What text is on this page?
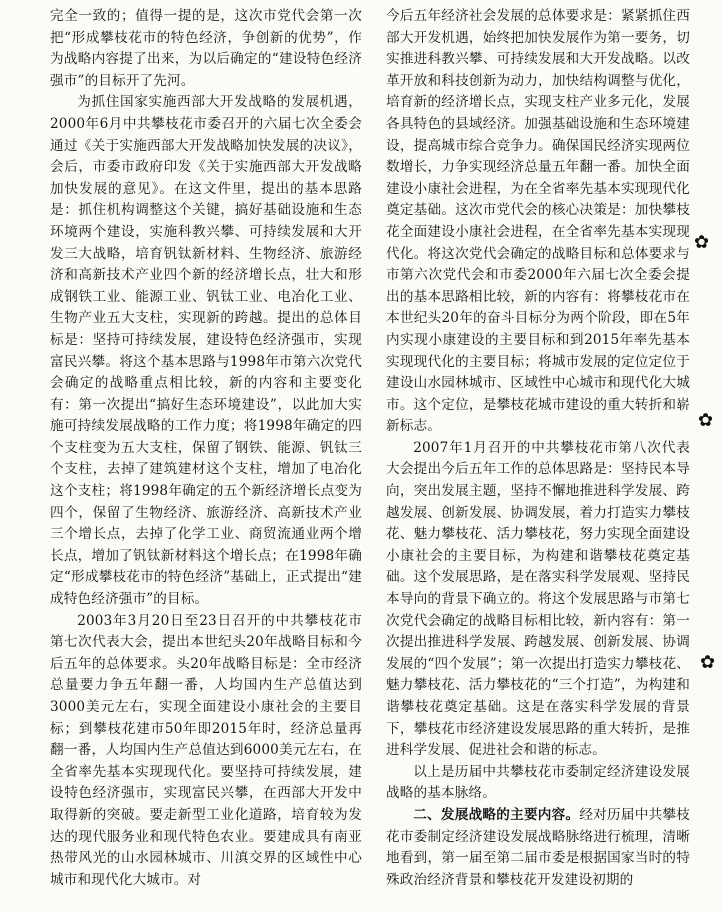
完全一致的；值得一提的是，这次市党代会第一次把“形成攀枝花市的特色经济，争创新的优势”，作为战略内容提了出来，为以后确定的“建设特色经济强市”的目标开了先河。

为抓住国家实施西部大开发战略的发展机遇，2000年6月中共攀枝花市委召开的六届七次全委会通过《关于实施西部大开发战略加快发展的决议》，会后，市委市政府印发《关于实施西部大开发战略加快发展的意见》。在这文件里，提出的基本思路是：抓住机构调整这个关键，搞好基础设施和生态环境两个建设，实施科教兴攀、可持续发展和大开发三大战略，培育钒钛新材料、生物经济、旅游经济和高新技术产业四个新的经济增长点，壮大和形成钢铁工业、能源工业、钒钛工业、电冶化工业、生物产业五大支柱，实现新的跨越。提出的总体目标是：坚持可持续发展，建设特色经济强市，实现富民兴攀。将这个基本思路与1998年市第六次党代会确定的战略重点相比较，新的内容和主要变化有：第一次提出“搞好生态环境建设”，以此加大实施可持续发展战略的工作力度；将1998年确定的四个支柱变为五大支柱，保留了钢铁、能源、钒钛三个支柱，去掉了建筑建材这个支柱，增加了电冶化这个支柱；将1998年确定的五个新经济增长点变为四个，保留了生物经济、旅游经济、高新技术产业三个增长点，去掉了化学工业、商贸流通业两个增长点，增加了钒钛新材料这个增长点；在1998年确定“形成攀枝花市的特色经济”基础上，正式提出“建成特色经济强市”的目标。

2003年3月20日至23日召开的中共攀枝花市第七次代表大会，提出本世纪头20年战略目标和今后五年的总体要求。头20年战略目标是：全市经济总量要力争五年翻一番，人均国内生产总值达到3000美元左右，实现全面建设小康社会的主要目标；到攀枝花建市50年即2015年时，经济总量再翻一番，人均国内生产总值达到6000美元左右，在全省率先基本实现现代化。要坚持可持续发展，建设特色经济强市，实现富民兴攀，在西部大开发中取得新的突破。要走新型工业化道路，培育较为发达的现代服务业和现代特色农业。要建成具有南亚热带风光的山水园林城市、川滇交界的区域性中心城市和现代化大城市。对

今后五年经济社会发展的总体要求是：紧紧抓住西部大开发机遇，始终把加快发展作为第一要务，切实推进科教兴攀、可持续发展和大开发战略。以改革开放和科技创新为动力，加快结构调整与优化，培育新的经济增长点，实现支柱产业多元化，发展各具特色的县域经济。加强基础设施和生态环境建设，提高城市综合竞争力。确保国民经济实现两位数增长，力争实现经济总量五年翻一番。加快全面建设小康社会进程，为在全省率先基本实现现代化奠定基础。这次市党代会的核心决策是：加快攀枝花全面建设小康社会进程，在全省率先基本实现现代化。将这次党代会确定的战略目标和总体要求与市第六次党代会和市委2000年六届七次全委会提出的基本思路相比较，新的内容有：将攀枝花市在本世纪头20年的奋斗目标分为两个阶段，即在5年内实现小康建设的主要目标和到2015年率先基本实现现代化的主要目标；将城市发展的定位定位于建设山水园林城市、区域性中心城市和现代化大城市。这个定位，是攀枝花城市建设的重大转折和崭新标志。

2007年1月召开的中共攀枝花市第八次代表大会提出今后五年工作的总体思路是：坚持民本导向，突出发展主题，坚持不懈地推进科学发展、跨越发展、创新发展、协调发展，着力打造实力攀枝花、魅力攀枝花、活力攀枝花，努力实现全面建设小康社会的主要目标，为构建和谐攀枝花奠定基础。这个发展思路，是在落实科学发展观、坚持民本导向的背景下确立的。将这个发展思路与市第七次党代会确定的战略目标相比较，新内容有：第一次提出推进科学发展、跨越发展、创新发展、协调发展的“四个发展”；第一次提出打造实力攀枝花、魅力攀枝花、活力攀枝花的“三个打造”，为构建和谐攀枝花奠定基础。这是在落实科学发展的背景下，攀枝花市经济建设发展思路的重大转折，是推进科学发展、促进社会和谐的标志。

以上是历届中共攀枝花市委制定经济建设发展战略的基本脉络。

二、发展战略的主要内容。经对历届中共攀枝花市委制定经济建设发展战略脉络进行梳理，清晰地看到，第一届至第二届市委是根据国家当时的特殊政治经济背景和攀枝花开发建设初期的

✿
✿
✿
